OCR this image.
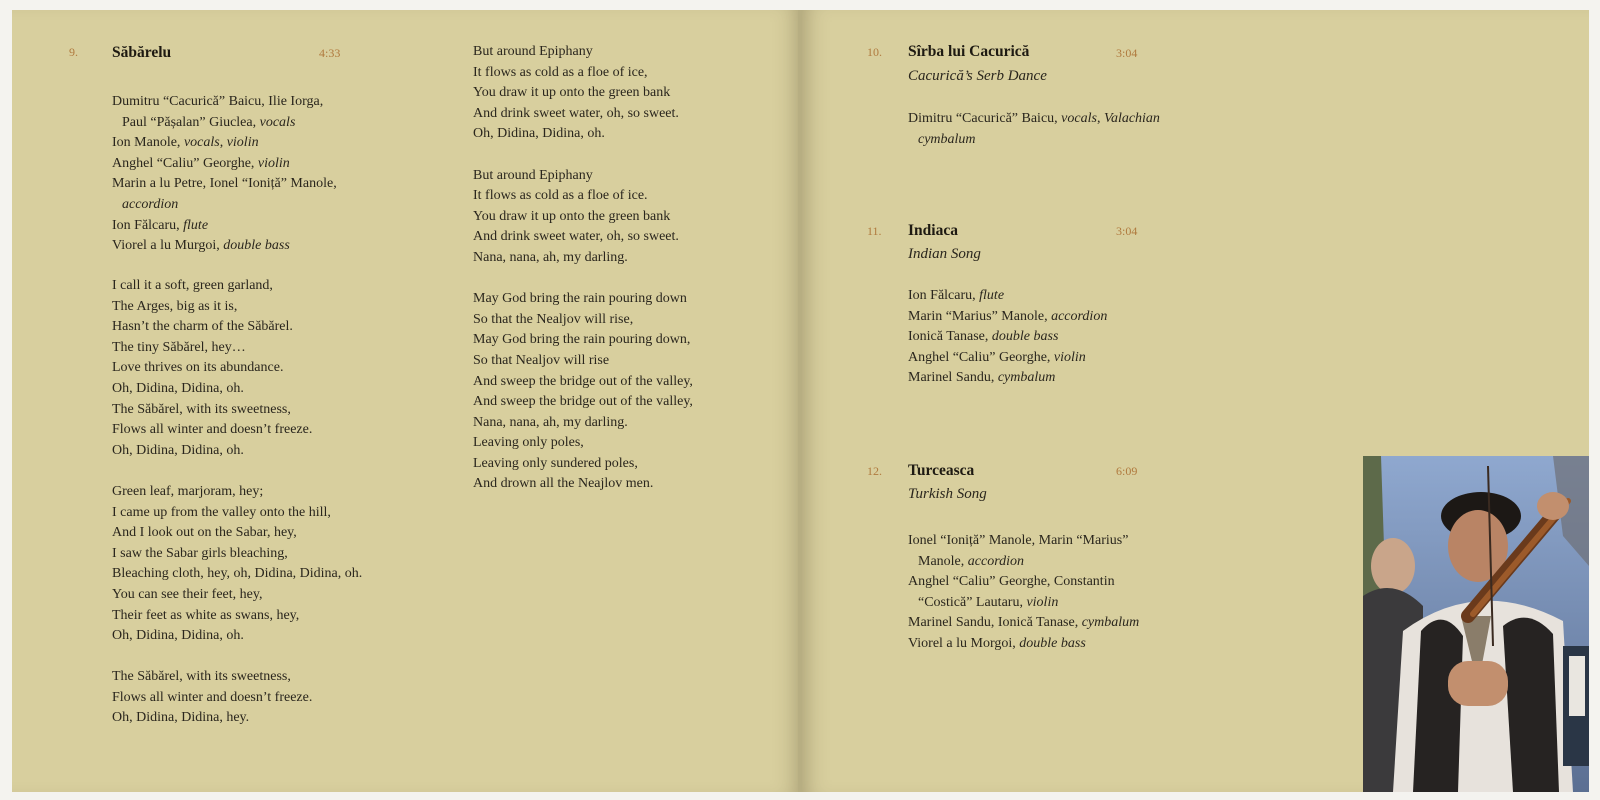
9. Săbărelu	4:33
Dumitru “Cacurică” Baicu, Ilie Iorga,
Paul “Pășalan” Giuclea, vocals
Ion Manole, vocals, violin
Anghel “Caliu” Georghe, violin
Marin a lu Petre, Ionel “Ioniță” Manole,
accordion
Ion Fălcaru, flute
Viorel a lu Murgoi, double bass
I call it a soft, green garland,
The Arges, big as it is,
Hasn’t the charm of the Săbărel.
The tiny Săbărel, hey…
Love thrives on its abundance.
Oh, Didina, Didina, oh.
The Săbărel, with its sweetness,
Flows all winter and doesn’t freeze.
Oh, Didina, Didina, oh.
Green leaf, marjoram, hey;
I came up from the valley onto the hill,
And I look out on the Sabar, hey,
I saw the Sabar girls bleaching,
Bleaching cloth, hey, oh, Didina, Didina, oh.
You can see their feet, hey,
Their feet as white as swans, hey,
Oh, Didina, Didina, oh.
The Săbărel, with its sweetness,
Flows all winter and doesn’t freeze.
Oh, Didina, Didina, hey.
But around Epiphany
It flows as cold as a floe of ice,
You draw it up onto the green bank
And drink sweet water, oh, so sweet.
Oh, Didina, Didina, oh.
But around Epiphany
It flows as cold as a floe of ice.
You draw it up onto the green bank
And drink sweet water, oh, so sweet.
Nana, nana, ah, my darling.
May God bring the rain pouring down
So that the Nealjov will rise,
May God bring the rain pouring down,
So that Nealjov will rise
And sweep the bridge out of the valley,
And sweep the bridge out of the valley,
Nana, nana, ah, my darling.
Leaving only poles,
Leaving only sundered poles,
And drown all the Neajlov men.
10. Sîrba lui Cacurică	3:04
Cacurică’s Serb Dance
Dimitru “Cacurică” Baicu, vocals, Valachian
cymbalum
11. Indiaca	3:04
Indian Song
Ion Fălcaru, flute
Marin “Marius” Manole, accordion
Ionică Tanase, double bass
Anghel “Caliu” Georghe, violin
Marinel Sandu, cymbalum
12. Turceasca	6:09
Turkish Song
Ionel “Ioniță” Manole, Marin “Marius”
Manole, accordion
Anghel “Caliu” Georghe, Constantin
“Costică” Lautaru, violin
Marinel Sandu, Ionică Tanase, cymbalum
Viorel a lu Morgoi, double bass
